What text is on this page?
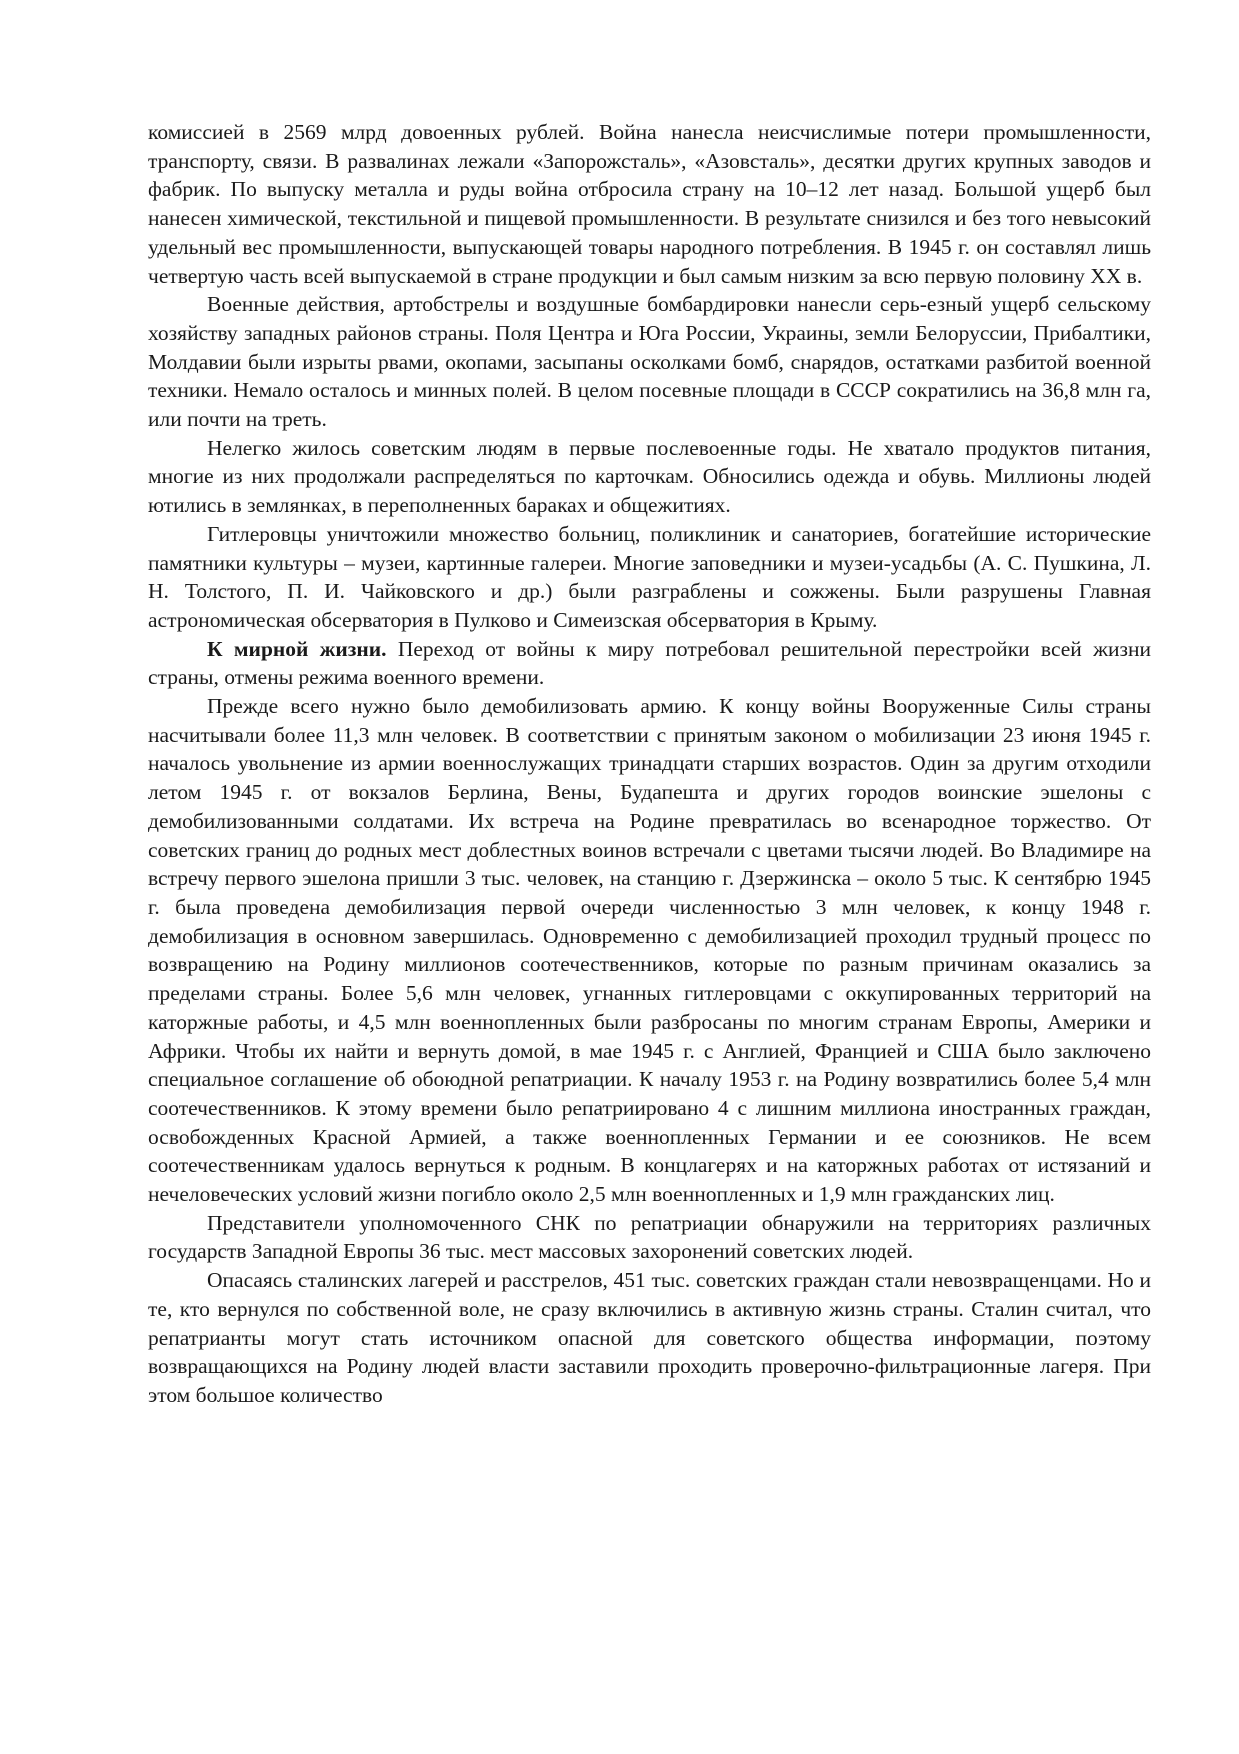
комиссией в 2569 млрд довоенных рублей. Война нанесла неисчислимые потери промышленности, транспорту, связи. В развалинах лежали «Запорожсталь», «Азовсталь», десятки других крупных заводов и фабрик. По выпуску металла и руды война отбросила страну на 10–12 лет назад. Большой ущерб был нанесен химической, текстильной и пищевой промышленности. В результате снизился и без того невысокий удельный вес промышленности, выпускающей товары народного потребления. В 1945 г. он составлял лишь четвертую часть всей выпускаемой в стране продукции и был самым низким за всю первую половину XX в.

Военные действия, артобстрелы и воздушные бомбардировки нанесли серь-езный ущерб сельскому хозяйству западных районов страны. Поля Центра и Юга России, Украины, земли Белоруссии, Прибалтики, Молдавии были изрыты рвами, окопами, засыпаны осколками бомб, снарядов, остатками разбитой военной техники. Немало осталось и минных полей. В целом посевные площади в СССР сократились на 36,8 млн га, или почти на треть.

Нелегко жилось советским людям в первые послевоенные годы. Не хватало продуктов питания, многие из них продолжали распределяться по карточкам. Обносились одежда и обувь. Миллионы людей ютились в землянках, в переполненных бараках и общежитиях.

Гитлеровцы уничтожили множество больниц, поликлиник и санаториев, богатейшие исторические памятники культуры – музеи, картинные галереи. Многие заповедники и музеи-усадьбы (А. С. Пушкина, Л. Н. Толстого, П. И. Чайковского и др.) были разграблены и сожжены. Были разрушены Главная астрономическая обсерватория в Пулково и Симеизская обсерватория в Крыму.

К мирной жизни. Переход от войны к миру потребовал решительной перестройки всей жизни страны, отмены режима военного времени.

Прежде всего нужно было демобилизовать армию. К концу войны Вооруженные Силы страны насчитывали более 11,3 млн человек. В соответствии с принятым законом о мобилизации 23 июня 1945 г. началось увольнение из армии военнослужащих тринадцати старших возрастов. Один за другим отходили летом 1945 г. от вокзалов Берлина, Вены, Будапешта и других городов воинские эшелоны с демобилизованными солдатами. Их встреча на Родине превратилась во всенародное торжество. От советских границ до родных мест доблестных воинов встречали с цветами тысячи людей. Во Владимире на встречу первого эшелона пришли 3 тыс. человек, на станцию г. Дзержинска – около 5 тыс. К сентябрю 1945 г. была проведена демобилизация первой очереди численностью 3 млн человек, к концу 1948 г. демобилизация в основном завершилась. Одновременно с демобилизацией проходил трудный процесс по возвращению на Родину миллионов соотечественников, которые по разным причинам оказались за пределами страны. Более 5,6 млн человек, угнанных гитлеровцами с оккупированных территорий на каторжные работы, и 4,5 млн военнопленных были разбросаны по многим странам Европы, Америки и Африки. Чтобы их найти и вернуть домой, в мае 1945 г. с Англией, Францией и США было заключено специальное соглашение об обоюдной репатриации. К началу 1953 г. на Родину возвратились более 5,4 млн соотечественников. К этому времени было репатриировано 4 с лишним миллиона иностранных граждан, освобожденных Красной Армией, а также военнопленных Германии и ее союзников. Не всем соотечественникам удалось вернуться к родным. В концлагерях и на каторжных работах от истязаний и нечеловеческих условий жизни погибло около 2,5 млн военнопленных и 1,9 млн гражданских лиц.

Представители уполномоченного СНК по репатриации обнаружили на территориях различных государств Западной Европы 36 тыс. мест массовых захоронений советских людей.

Опасаясь сталинских лагерей и расстрелов, 451 тыс. советских граждан стали невозвращенцами. Но и те, кто вернулся по собственной воле, не сразу включились в активную жизнь страны. Сталин считал, что репатрианты могут стать источником опасной для советского общества информации, поэтому возвращающихся на Родину людей власти заставили проходить проверочно-фильтрационные лагеря. При этом большое количество
